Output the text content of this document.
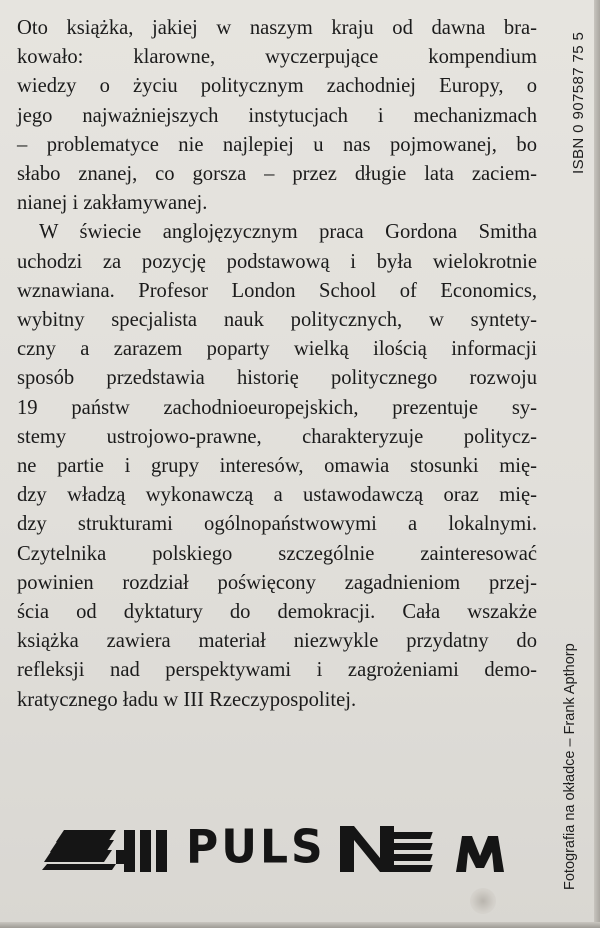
Oto książka, jakiej w naszym kraju od dawna bra-
kowało: klarowne, wyczerpujące kompendium
wiedzy o życiu politycznym zachodniej Europy, o
jego najważniejszych instytucjach i mechanizmach
– problematyce nie najlepiej u nas pojmowanej, bo
słabo znanej, co gorsza – przez długie lata zaciem-
nianej i zakłamywanej.

W świecie anglojęzycznym praca Gordona Smitha
uchodzi za pozycję podstawową i była wielokrotnie
wznawiana. Profesor London School of Economics,
wybitny specjalista nauk politycznych, w syntety-
czny a zarazem poparty wielką ilością informacji
sposób przedstawia historię politycznego rozwoju
19 państw zachodnioeuropejskich, prezentuje sy-
stemy ustrojowo-prawne, charakteryzuje politycz-
ne partie i grupy interesów, omawia stosunki mię-
dzy władzą wykonawczą a ustawodawczą oraz mię-
dzy strukturami ogólnopaństwowymi a lokalnymi.
Czytelnika polskiego szczególnie zainteresować
powinien rozdział poświęcony zagadnieniom przej-
ścia od dyktatury do demokracji. Cała wszakże
książka zawiera materiał niezwykle przydatny do
refleksji nad perspektywami i zagrożeniami demo-
kratycznego ładu w III Rzeczypospolitej.

ISBN 0 907587 75 5
Fotografia na okładce – Frank Apthorp
PULS
